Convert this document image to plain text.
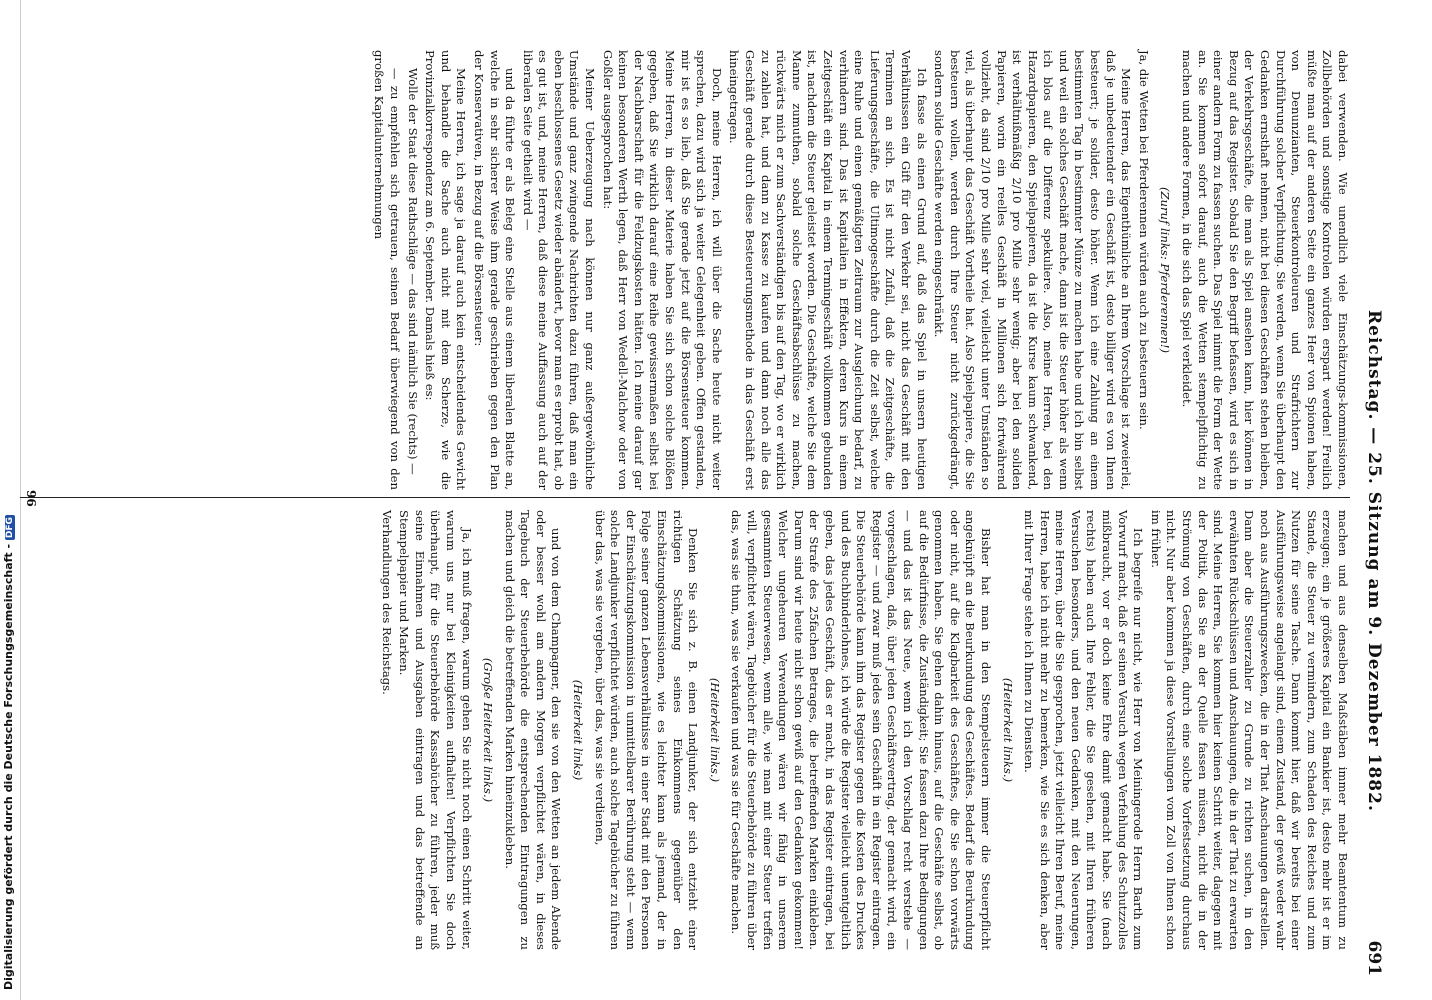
Digitalisierung gefördert durch die Deutsche Forschungsgemeinschaft - DFG	Reichstag. — 25. Sitzung am 9. Dezember 1882.
691

dabei verwenden. Wie unendlich viele Einschätzungs-kommissionen, Zollbehörden und sonstige Kontrolen würden erspart werden! Freilich müßte man auf der anderen Seite ein ganzes Heer von Spionen haben, von Denunzianten, Steuerkontroleuren und Strafrichtern zur Durchführung solcher Verpflichtung. Sie werden, wenn Sie überhaupt den Gedanken ernsthaft nehmen, nicht bei diesen Geschäften stehen bleiben, der Verkehrsgeschäfte, die man als Spiel ansehen kann, hier können in Bezug auf das Register. Sobald Sie den Begriff befassen, wird es sich in einer andern Form zu fassen suchen. Das Spiel nimmt die Form der Wette an. Sie kommen sofort darauf, auch die Wetten stempelpflichtig zu machen und andere Formen, in die sich das Spiel verkleidet.

(Zuruf links: Pferderennen!)

Ja, die Wetten bei Pferderennen würden auch zu besteuern sein.

Meine Herren, das Eigenthümliche an Ihrem Vorschlage ist zweierlei, daß je unbedeutender ein Geschäft ist, desto billiger wird es von Ihnen besteuert; je solider, desto höher. Wenn ich eine Zahlung an einem bestimmten Tag in bestimmter Münze zu machen habe und ich bin selbst und weil ein solches Geschäft mache, dann ist die Steuer höher als wenn ich blos auf die Differenz spekuliere. Also, meine Herren, bei den Hazardpapieren, den Spielpapieren, da ist die Kurse kaum schwankend, ist verhältnißmäßig 2/10 pro Mille sehr wenig; aber bei den soliden Papieren, worin ein reelles Geschäft in Millionen sich fortwährend vollzieht, da sind 2/10 pro Mille sehr viel, vielleicht unter Umständen so viel, als überhaupt das Geschäft Vortheile hat. Also Spielpapiere, die Sie besteuern wollen, werden durch Ihre Steuer nicht zurückgedrängt, sondern solide Geschäfte werden eingeschränkt.

Ich fasse als einen Grund auf, daß das Spiel in unsern heutigen Verhältnissen ein Gift für den Verkehr sei, nicht das Geschäft mit den Terminen an sich. Es ist nicht Zufall, daß die Zeitgeschäfte, die Lieferungsgeschäfte, die Ultimogeschäfte durch die Zeit selbst, welche eine Ruhe und einen gemäßigten Zeitraum zur Ausgleichung bedarf, zu verhindern sind. Das ist Kapitalien in Effekten, deren Kurs in einem Zeitgeschäft ein Kapital in einem Termingeschäft vollkommen gebunden ist, nachdem die Steuer geleistet worden. Die Geschäfte, welche Sie dem Manne zumuthen, sobald solche Geschäftsabschlüsse zu machen, rückwärts mich er zum Sachverständigen bis auf den Tag, wo er wirklich zu zahlen hat, und dann zu Kasse zu kaufen und dann noch alle das Geschäft gerade durch diese Besteuerungsmethode in das Geschäft erst hineingetragen.

Doch, meine Herren, ich will über die Sache heute nicht weiter sprechen, dazu wird sich ja weiter Gelegenheit geben. Offen gestanden, mir ist es so lieb, daß Sie gerade jetzt auf die Börsensteuer kommen. Meine Herren, in dieser Materie haben Sie sich schon solche Blößen gegeben, daß Sie wirklich darauf eine Reihe gewissermaßen selbst bei der Nachbarschaft für die Feldzugskosten hätten. Ich meine darauf gar keinen besonderen Werth legen, daß Herr von Wedell-Malchow oder von Goßler ausgesprochen hat:

Meiner Ueberzeugung nach können nur ganz außergewöhnliche Umstände und ganz zwingende Nachrichten dazu führen, daß man ein eben beschlossenes Gesetz wieder abändert, bevor man es erprobt hat, ob es gut ist, und, meine Herren, daß diese meine Auffassung auch auf der liberalen Seite getheilt wird —

und da führte er als Beleg eine Stelle aus einem liberalen Blatte an, welche in sehr sicherer Weise ihm gerade geschrieben gegen den Plan der Konservativen, in Bezug auf die Börsensteuer:

Meine Herren, ich sage ja darauf auch kein entscheidendes Gewicht und behandle die Sache auch nicht mit dem Scherze, wie die Provinzialkorrespondenz am 6. September. Damals hieß es:

Wolle der Staat diese Rathschläge — das sind nämlich Sie (rechts) —

— zu empfehlen sich getrauen, seinen Bedarf überwiegend von den großen Kapitalunternehmungen

machen und aus denselben Maßstäben immer mehr Beamtentum zu erzeugen; ein je größeres Kapital ein Bankier ist, desto mehr ist er im Stande, die Steuer zu vermindern, zum Schaden des Reiches und zum Nutzen für seine Tasche. Dann kommt hier, daß wir bereits bei einer Ausführungsweise angelangt sind, einem Zustand, der gewiß weder wahr noch aus Ausführungszwecken, die in der That Anschauungen darstellen. Dann aber die Steuerzahler zu Grunde zu richten suchen, in den erwähnten Rückschlüssen und Anschauungen, die in der That zu erwarten sind. Meine Herren, Sie kommen hier keinen Schritt weiter, dagegen mit der Politik, das Sie an der Quelle fassen müssen, nicht die in der Strömung von Geschäften, durch eine solche Vorfestsetzung durchaus nicht. Nur aber kommen ja diese Vorstellungen vom Zoll von Ihnen schon im früher.

Ich begreife nur nicht, wie Herr von Meiningerode Herrn Barth zum Vorwurf macht, daß er seinen Versuch wegen Verfehlung des Schutzzolles mißbraucht, vor er doch keine Ehre damit gemacht habe. Sie (nach rechts) haben auch Ihre Fehler, die Sie gesehen, mit Ihren früheren Versuchen besonders, und den neuen Gedanken, mit den Neuerungen, meine Herren, über die Sie gesprochen, jetzt vielleicht Ihren Beruf, meine Herren, habe ich nicht mehr zu bemerken, wie Sie es sich denken, aber mit Ihrer Frage stehe ich Ihnen zu Diensten.

(Heiterkeit links.)

Bisher hat man in den Stempelsteuern immer die Steuerpflicht angeknüpft an die Beurkundung des Geschäftes. Bedarf die Beurkundung oder nicht, auf die Klagbarkeit des Geschäftes, die Sie schon vorwärts genommen haben. Sie gehen dahin hinaus, auf die Geschäfte selbst, ob auf die Bedürfnisse, die Zuständigkeit; Sie fassen dazu Ihre Bedingungen — und das ist das Neue, wenn ich den Vorschlag recht verstehe — vorgeschlagen, daß, über jeden Geschäftsvertrag, der gemacht wird, ein Register — und zwar muß jedes sein Geschäft in ein Register eintragen. Die Steuerbehörde kann ihm das Register gegen die Kosten des Druckes und des Buchbinderlohnes, ich würde die Register vielleicht unentgeltlich geben, das jedes Geschäft, das er macht, in das Register eintragen, bei der Strafe des 25fachen Betrages, die betreffenden Marken einkleben. Darum sind wir heute nicht schon gewiß auf den Gedanken gekommen! Welcher ungeheuren Verwendungen wären wir fähig in unserem gesammten Steuerwesen, wenn alle, wie man mit einer Steuer treffen will, verpflichtet wären, Tagebücher für die Steuerbehörde zu führen über das, was sie thun, was sie verkaufen und was sie für Geschäfte machen.

(Heiterkeit links.)

Denken Sie sich z. B. einen Landjunker, der sich entzieht einer richtigen Schätzung seines Einkommens gegenüber den Einschätzungskommissionen, wie es leichter kann als jemand, der in Folge seiner ganzen Lebensverhältnisse in einer Stadt mit den Personen der Einschätzungskommission in unmittelbarer Berührung steht — wenn solche Landjunker verpflichtet würden, auch solche Tagebücher zu führen über das, was sie vergeben, über das, was sie verdienen,

(Heiterkeit links)

und von dem Champagner, den sie von den Wetten an jedem Abende oder besser wohl am andern Morgen verpflichtet wären, in dieses Tagebuch der Steuerbehörde die entsprechenden Eintragungen zu machen und gleich die betreffenden Marken hineinzukleben.

(Große Heiterkeit links.)

Ja, ich muß fragen, warum gehen Sie nicht noch einen Schritt weiter, warum uns nur bei Kleinigkeiten aufhalten! Verpflichten Sie doch überhaupt, für die Steuerbehörde Kassabücher zu führen, jeder muß seine Einnahmen und Ausgaben eintragen und das betreffende an Stempelpapier und Marken.

Verhandlungen des Reichstags.

96
